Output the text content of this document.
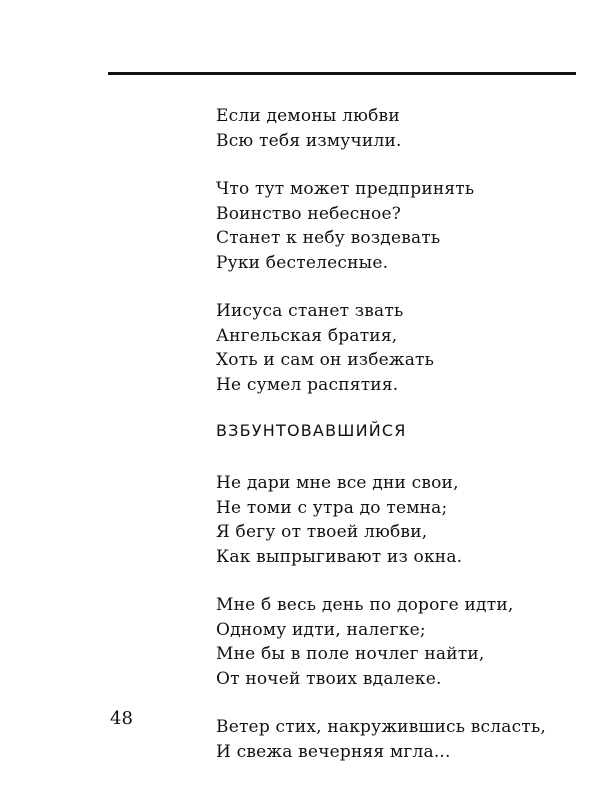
Если демоны любви
Всю тебя измучили.
Что тут может предпринять
Воинство небесное?
Станет к небу воздевать
Руки бестелесные.
Иисуса станет звать
Ангельская братия,
Хоть и сам он избежать
Не сумел распятия.
ВЗБУНТОВАВШИЙСЯ
Не дари мне все дни свои,
Не томи с утра до темна;
Я бегу от твоей любви,
Как выпрыгивают из окна.
Мне б весь день по дороге идти,
Одному идти, налегке;
Мне бы в поле ночлег найти,
От ночей твоих вдалеке.
Ветер стих, накружившись всласть,
И свежа вечерняя мгла...
48
